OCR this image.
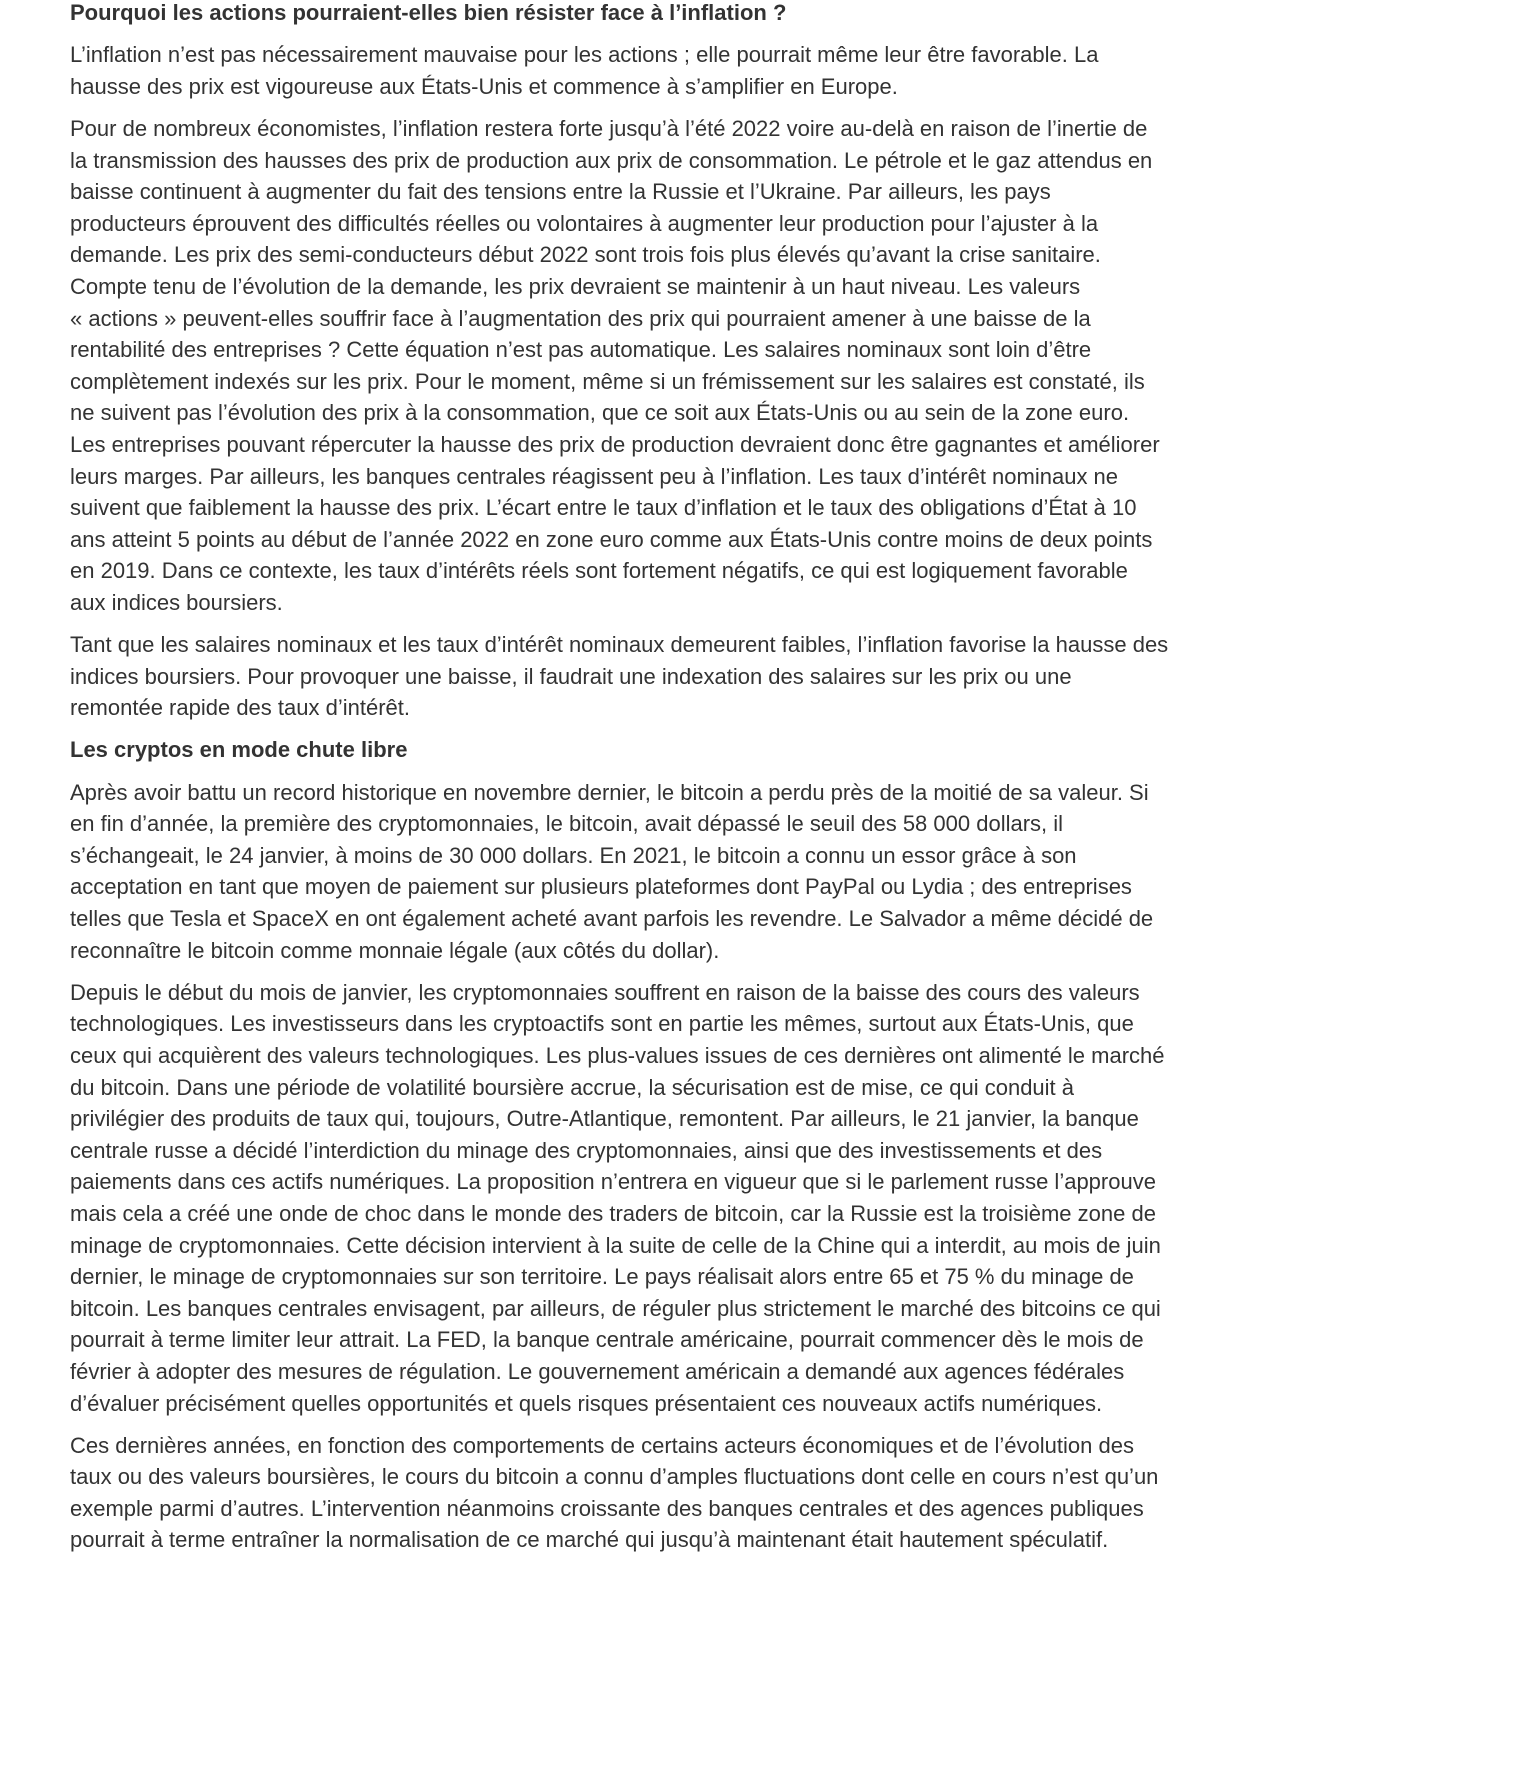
Pourquoi les actions pourraient-elles bien résister face à l’inflation ?

L’inflation n’est pas nécessairement mauvaise pour les actions ; elle pourrait même leur être favorable. La
hausse des prix est vigoureuse aux États-Unis et commence à s’amplifier en Europe.

Pour de nombreux économistes, l’inflation restera forte jusqu’à l’été 2022 voire au-delà en raison de l’inertie de
la transmission des hausses des prix de production aux prix de consommation. Le pétrole et le gaz attendus en
baisse continuent à augmenter du fait des tensions entre la Russie et l’Ukraine. Par ailleurs, les pays
producteurs éprouvent des difficultés réelles ou volontaires à augmenter leur production pour l’ajuster à la
demande. Les prix des semi-conducteurs début 2022 sont trois fois plus élevés qu’avant la crise sanitaire.
Compte tenu de l’évolution de la demande, les prix devraient se maintenir à un haut niveau. Les valeurs
« actions » peuvent-elles souffrir face à l’augmentation des prix qui pourraient amener à une baisse de la
rentabilité des entreprises ? Cette équation n’est pas automatique. Les salaires nominaux sont loin d’être
complètement indexés sur les prix. Pour le moment, même si un frémissement sur les salaires est constaté, ils
ne suivent pas l’évolution des prix à la consommation, que ce soit aux États-Unis ou au sein de la zone euro.
Les entreprises pouvant répercuter la hausse des prix de production devraient donc être gagnantes et améliorer
leurs marges. Par ailleurs, les banques centrales réagissent peu à l’inflation. Les taux d’intérêt nominaux ne
suivent que faiblement la hausse des prix. L’écart entre le taux d’inflation et le taux des obligations d’État à 10
ans atteint 5 points au début de l’année 2022 en zone euro comme aux États-Unis contre moins de deux points
en 2019. Dans ce contexte, les taux d’intérêts réels sont fortement négatifs, ce qui est logiquement favorable
aux indices boursiers.

Tant que les salaires nominaux et les taux d’intérêt nominaux demeurent faibles, l’inflation favorise la hausse des
indices boursiers. Pour provoquer une baisse, il faudrait une indexation des salaires sur les prix ou une
remontée rapide des taux d’intérêt.

Les cryptos en mode chute libre

Après avoir battu un record historique en novembre dernier, le bitcoin a perdu près de la moitié de sa valeur. Si
en fin d’année, la première des cryptomonnaies, le bitcoin, avait dépassé le seuil des 58 000 dollars, il
s’échangeait, le 24 janvier, à moins de 30 000 dollars. En 2021, le bitcoin a connu un essor grâce à son
acceptation en tant que moyen de paiement sur plusieurs plateformes dont PayPal ou Lydia ; des entreprises
telles que Tesla et SpaceX en ont également acheté avant parfois les revendre. Le Salvador a même décidé de
reconnaître le bitcoin comme monnaie légale (aux côtés du dollar).

Depuis le début du mois de janvier, les cryptomonnaies souffrent en raison de la baisse des cours des valeurs
technologiques. Les investisseurs dans les cryptoactifs sont en partie les mêmes, surtout aux États-Unis, que
ceux qui acquièrent des valeurs technologiques. Les plus-values issues de ces dernières ont alimenté le marché
du bitcoin. Dans une période de volatilité boursière accrue, la sécurisation est de mise, ce qui conduit à
privilégier des produits de taux qui, toujours, Outre-Atlantique, remontent. Par ailleurs, le 21 janvier, la banque
centrale russe a décidé l’interdiction du minage des cryptomonnaies, ainsi que des investissements et des
paiements dans ces actifs numériques. La proposition n’entrera en vigueur que si le parlement russe l’approuve
mais cela a créé une onde de choc dans le monde des traders de bitcoin, car la Russie est la troisième zone de
minage de cryptomonnaies. Cette décision intervient à la suite de celle de la Chine qui a interdit, au mois de juin
dernier, le minage de cryptomonnaies sur son territoire. Le pays réalisait alors entre 65 et 75 % du minage de
bitcoin. Les banques centrales envisagent, par ailleurs, de réguler plus strictement le marché des bitcoins ce qui
pourrait à terme limiter leur attrait. La FED, la banque centrale américaine, pourrait commencer dès le mois de
février à adopter des mesures de régulation. Le gouvernement américain a demandé aux agences fédérales
d’évaluer précisément quelles opportunités et quels risques présentaient ces nouveaux actifs numériques.

Ces dernières années, en fonction des comportements de certains acteurs économiques et de l’évolution des
taux ou des valeurs boursières, le cours du bitcoin a connu d’amples fluctuations dont celle en cours n’est qu’un
exemple parmi d’autres. L’intervention néanmoins croissante des banques centrales et des agences publiques
pourrait à terme entraîner la normalisation de ce marché qui jusqu’à maintenant était hautement spéculatif.
